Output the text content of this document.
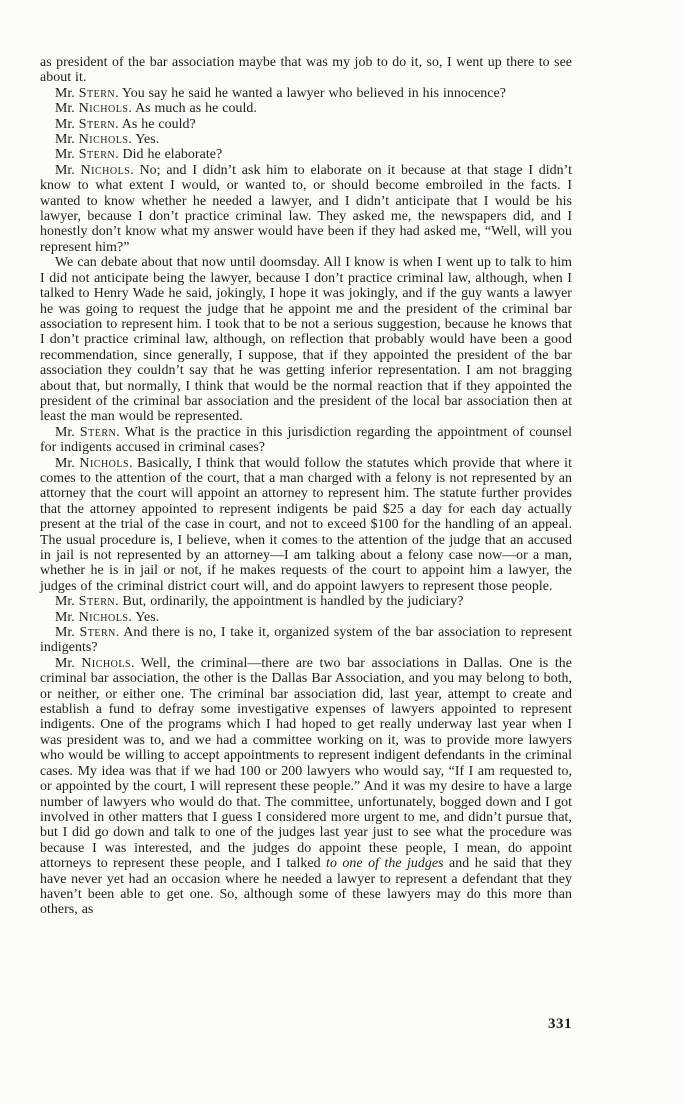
as president of the bar association maybe that was my job to do it, so, I went up there to see about it.

Mr. Stern. You say he said he wanted a lawyer who believed in his innocence?

Mr. Nichols. As much as he could.

Mr. Stern. As he could?

Mr. Nichols. Yes.

Mr. Stern. Did he elaborate?

Mr. Nichols. No; and I didn’t ask him to elaborate on it because at that stage I didn’t know to what extent I would, or wanted to, or should become embroiled in the facts. I wanted to know whether he needed a lawyer, and I didn’t anticipate that I would be his lawyer, because I don’t practice criminal law. They asked me, the newspapers did, and I honestly don’t know what my answer would have been if they had asked me, “Well, will you represent him?”

We can debate about that now until doomsday. All I know is when I went up to talk to him I did not anticipate being the lawyer, because I don’t practice criminal law, although, when I talked to Henry Wade he said, jokingly, I hope it was jokingly, and if the guy wants a lawyer he was going to request the judge that he appoint me and the president of the criminal bar association to represent him. I took that to be not a serious suggestion, because he knows that I don’t practice criminal law, although, on reflection that probably would have been a good recommendation, since generally, I suppose, that if they appointed the president of the bar association they couldn’t say that he was getting inferior representation. I am not bragging about that, but normally, I think that would be the normal reaction that if they appointed the president of the criminal bar association and the president of the local bar association then at least the man would be represented.

Mr. Stern. What is the practice in this jurisdiction regarding the appointment of counsel for indigents accused in criminal cases?

Mr. Nichols. Basically, I think that would follow the statutes which provide that where it comes to the attention of the court, that a man charged with a felony is not represented by an attorney that the court will appoint an attorney to represent him. The statute further provides that the attorney appointed to represent indigents be paid $25 a day for each day actually present at the trial of the case in court, and not to exceed $100 for the handling of an appeal. The usual procedure is, I believe, when it comes to the attention of the judge that an accused in jail is not represented by an attorney—I am talking about a felony case now—or a man, whether he is in jail or not, if he makes requests of the court to appoint him a lawyer, the judges of the criminal district court will, and do appoint lawyers to represent those people.

Mr. Stern. But, ordinarily, the appointment is handled by the judiciary?

Mr. Nichols. Yes.

Mr. Stern. And there is no, I take it, organized system of the bar association to represent indigents?

Mr. Nichols. Well, the criminal—there are two bar associations in Dallas. One is the criminal bar association, the other is the Dallas Bar Association, and you may belong to both, or neither, or either one. The criminal bar association did, last year, attempt to create and establish a fund to defray some investigative expenses of lawyers appointed to represent indigents. One of the programs which I had hoped to get really underway last year when I was president was to, and we had a committee working on it, was to provide more lawyers who would be willing to accept appointments to represent indigent defendants in the criminal cases. My idea was that if we had 100 or 200 lawyers who would say, “If I am requested to, or appointed by the court, I will represent these people.” And it was my desire to have a large number of lawyers who would do that. The committee, unfortunately, bogged down and I got involved in other matters that I guess I considered more urgent to me, and didn’t pursue that, but I did go down and talk to one of the judges last year just to see what the procedure was because I was interested, and the judges do appoint these people, I mean, do appoint attorneys to represent these people, and I talked to one of the judges and he said that they have never yet had an occasion where he needed a lawyer to represent a defendant that they haven’t been able to get one. So, although some of these lawyers may do this more than others, as

331
